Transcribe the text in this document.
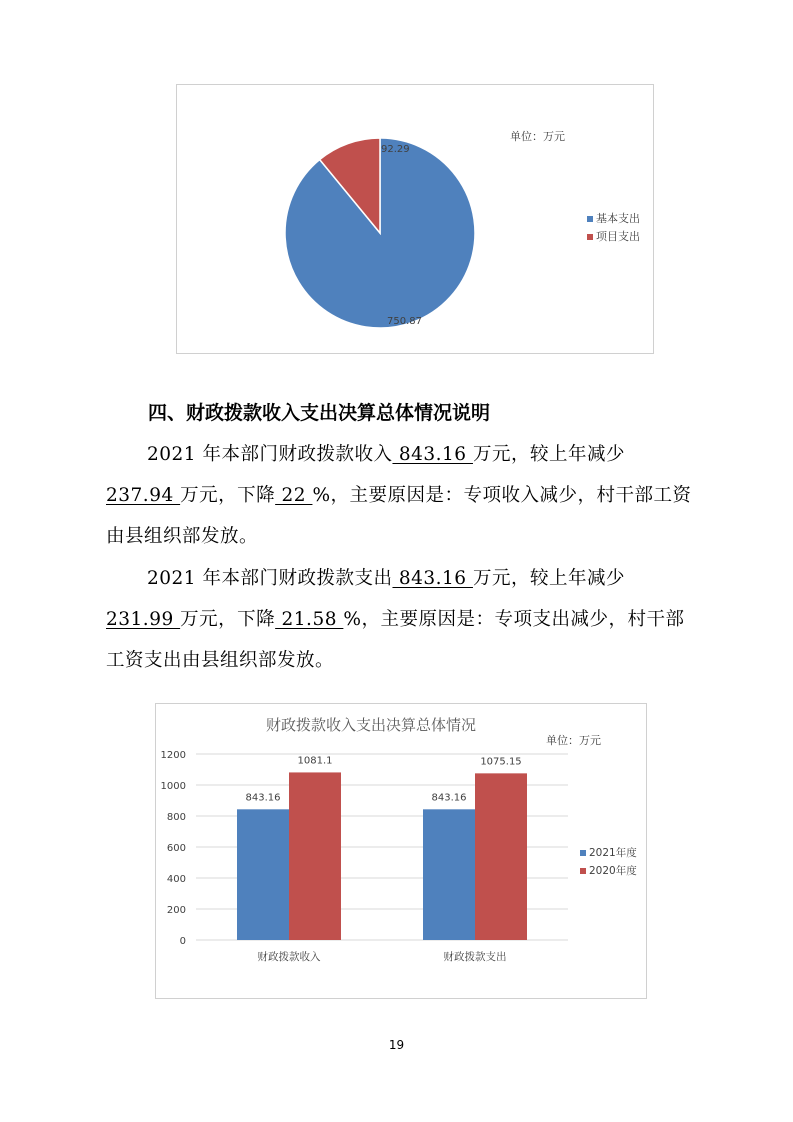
92.29
750.87
单位：万元
基本支出
项目支出
四、财政拨款收入支出决算总体情况说明
2021 年本部门财政拨款收入 843.16 万元，较上年减少237.94 万元，下降 22 %，主要原因是：专项收入减少，村干部工资由县组织部发放。
2021 年本部门财政拨款支出 843.16 万元，较上年减少231.99 万元，下降 21.58 %，主要原因是：专项支出减少，村干部工资支出由县组织部发放。
财政拨款收入支出决算总体情况
单位：万元
0
200
400
600
800
1000
1200
843.16
1081.1
财政拨款收入
843.16
1075.15
财政拨款支出
2021年度
2020年度
19
